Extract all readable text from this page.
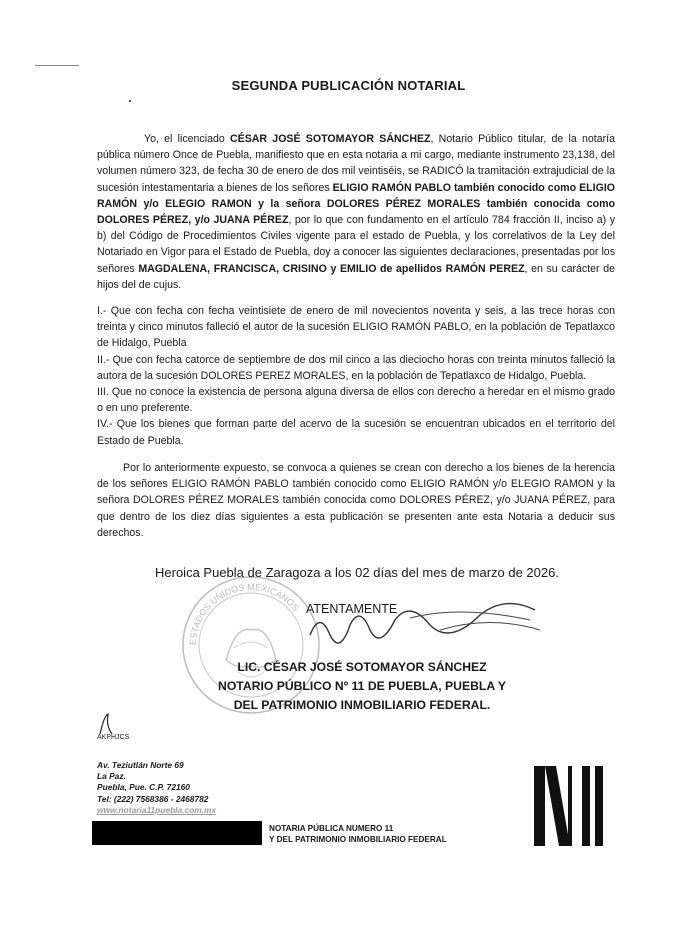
SEGUNDA PUBLICACIÓN NOTARIAL
Yo, el licenciado CÉSAR JOSÉ SOTOMAYOR SÁNCHEZ, Notario Público titular, de la notaría pública número Once de Puebla, manifiesto que en esta notaria a mi cargo, mediante instrumento 23,138, del volumen número 323, de fecha 30 de enero de dos mil veintiséis, se RADICÓ la tramitación extrajudicial de la sucesión intestamentaria a bienes de los señores ELIGIO RAMÓN PABLO también conocido como ELIGIO RAMÓN y/o ELEGIO RAMON y la señora DOLORES PÉREZ MORALES también conocida como DOLORES PÉREZ, y/o JUANA PÉREZ, por lo que con fundamento en el artículo 784 fracción II, inciso a) y b) del Código de Procedimientos Civiles vigente para el estado de Puebla, y los correlativos de la Ley del Notariado en Vigor para el Estado de Puebla, doy a conocer las siguientes declaraciones, presentadas por los señores MAGDALENA, FRANCISCA, CRISINO y EMILIO de apellidos RAMÓN PEREZ, en su carácter de hijos del de cujus.

I.- Que con fecha con fecha veintisiete de enero de mil novecientos noventa y seis, a las trece horas con treinta y cinco minutos falleció el autor de la sucesión ELIGIO RAMÓN PABLO, en la población de Tepatlaxco de Hidalgo, Puebla

II.- Que con fecha catorce de septiembre de dos mil cinco a las dieciocho horas con treinta minutos falleció la autora de la sucesión DOLORES PEREZ MORALES, en la población de Tepatlaxco de Hidalgo, Puebla.

III. Que no conoce la existencia de persona alguna diversa de ellos con derecho a heredar en el mismo grado o en uno preferente.

IV.- Que los bienes que forman parte del acervo de la sucesión se encuentran ubicados en el territorio del Estado de Puebla.

Por lo anteriormente expuesto, se convoca a quienes se crean con derecho a los bienes de la herencia de los señores ELIGIO RAMÓN PABLO también conocido como ELIGIO RAMÓN y/o ELEGIO RAMON y la señora DOLORES PÉREZ MORALES también conocida como DOLORES PÉREZ, y/o JUANA PÉREZ, para que dentro de los diez días siguientes a esta publicación se presenten ante esta Notaria a deducir sus derechos.
ESTADOS UNIDOS MEXICANOS
Heroica Puebla de Zaragoza a los 02 días del mes de marzo de 2026.
ATENTAMENTE
LIC. CÉSAR JOSÉ SOTOMAYOR SÁNCHEZ
NOTARIO PÚBLICO Nº 11 DE PUEBLA, PUEBLA Y
DEL PATRIMONIO INMOBILIARIO FEDERAL.
AKPHJCS
Av. Teziutlán Norte 69
La Paz.
Puebla, Pue. C.P. 72160
Tel: (222) 7568386 - 2468782
www.notaria11puebla.com.mx
NOTARIA PÚBLICA NUMERO 11
Y DEL PATRIMONIO INMOBILIARIO FEDERAL
